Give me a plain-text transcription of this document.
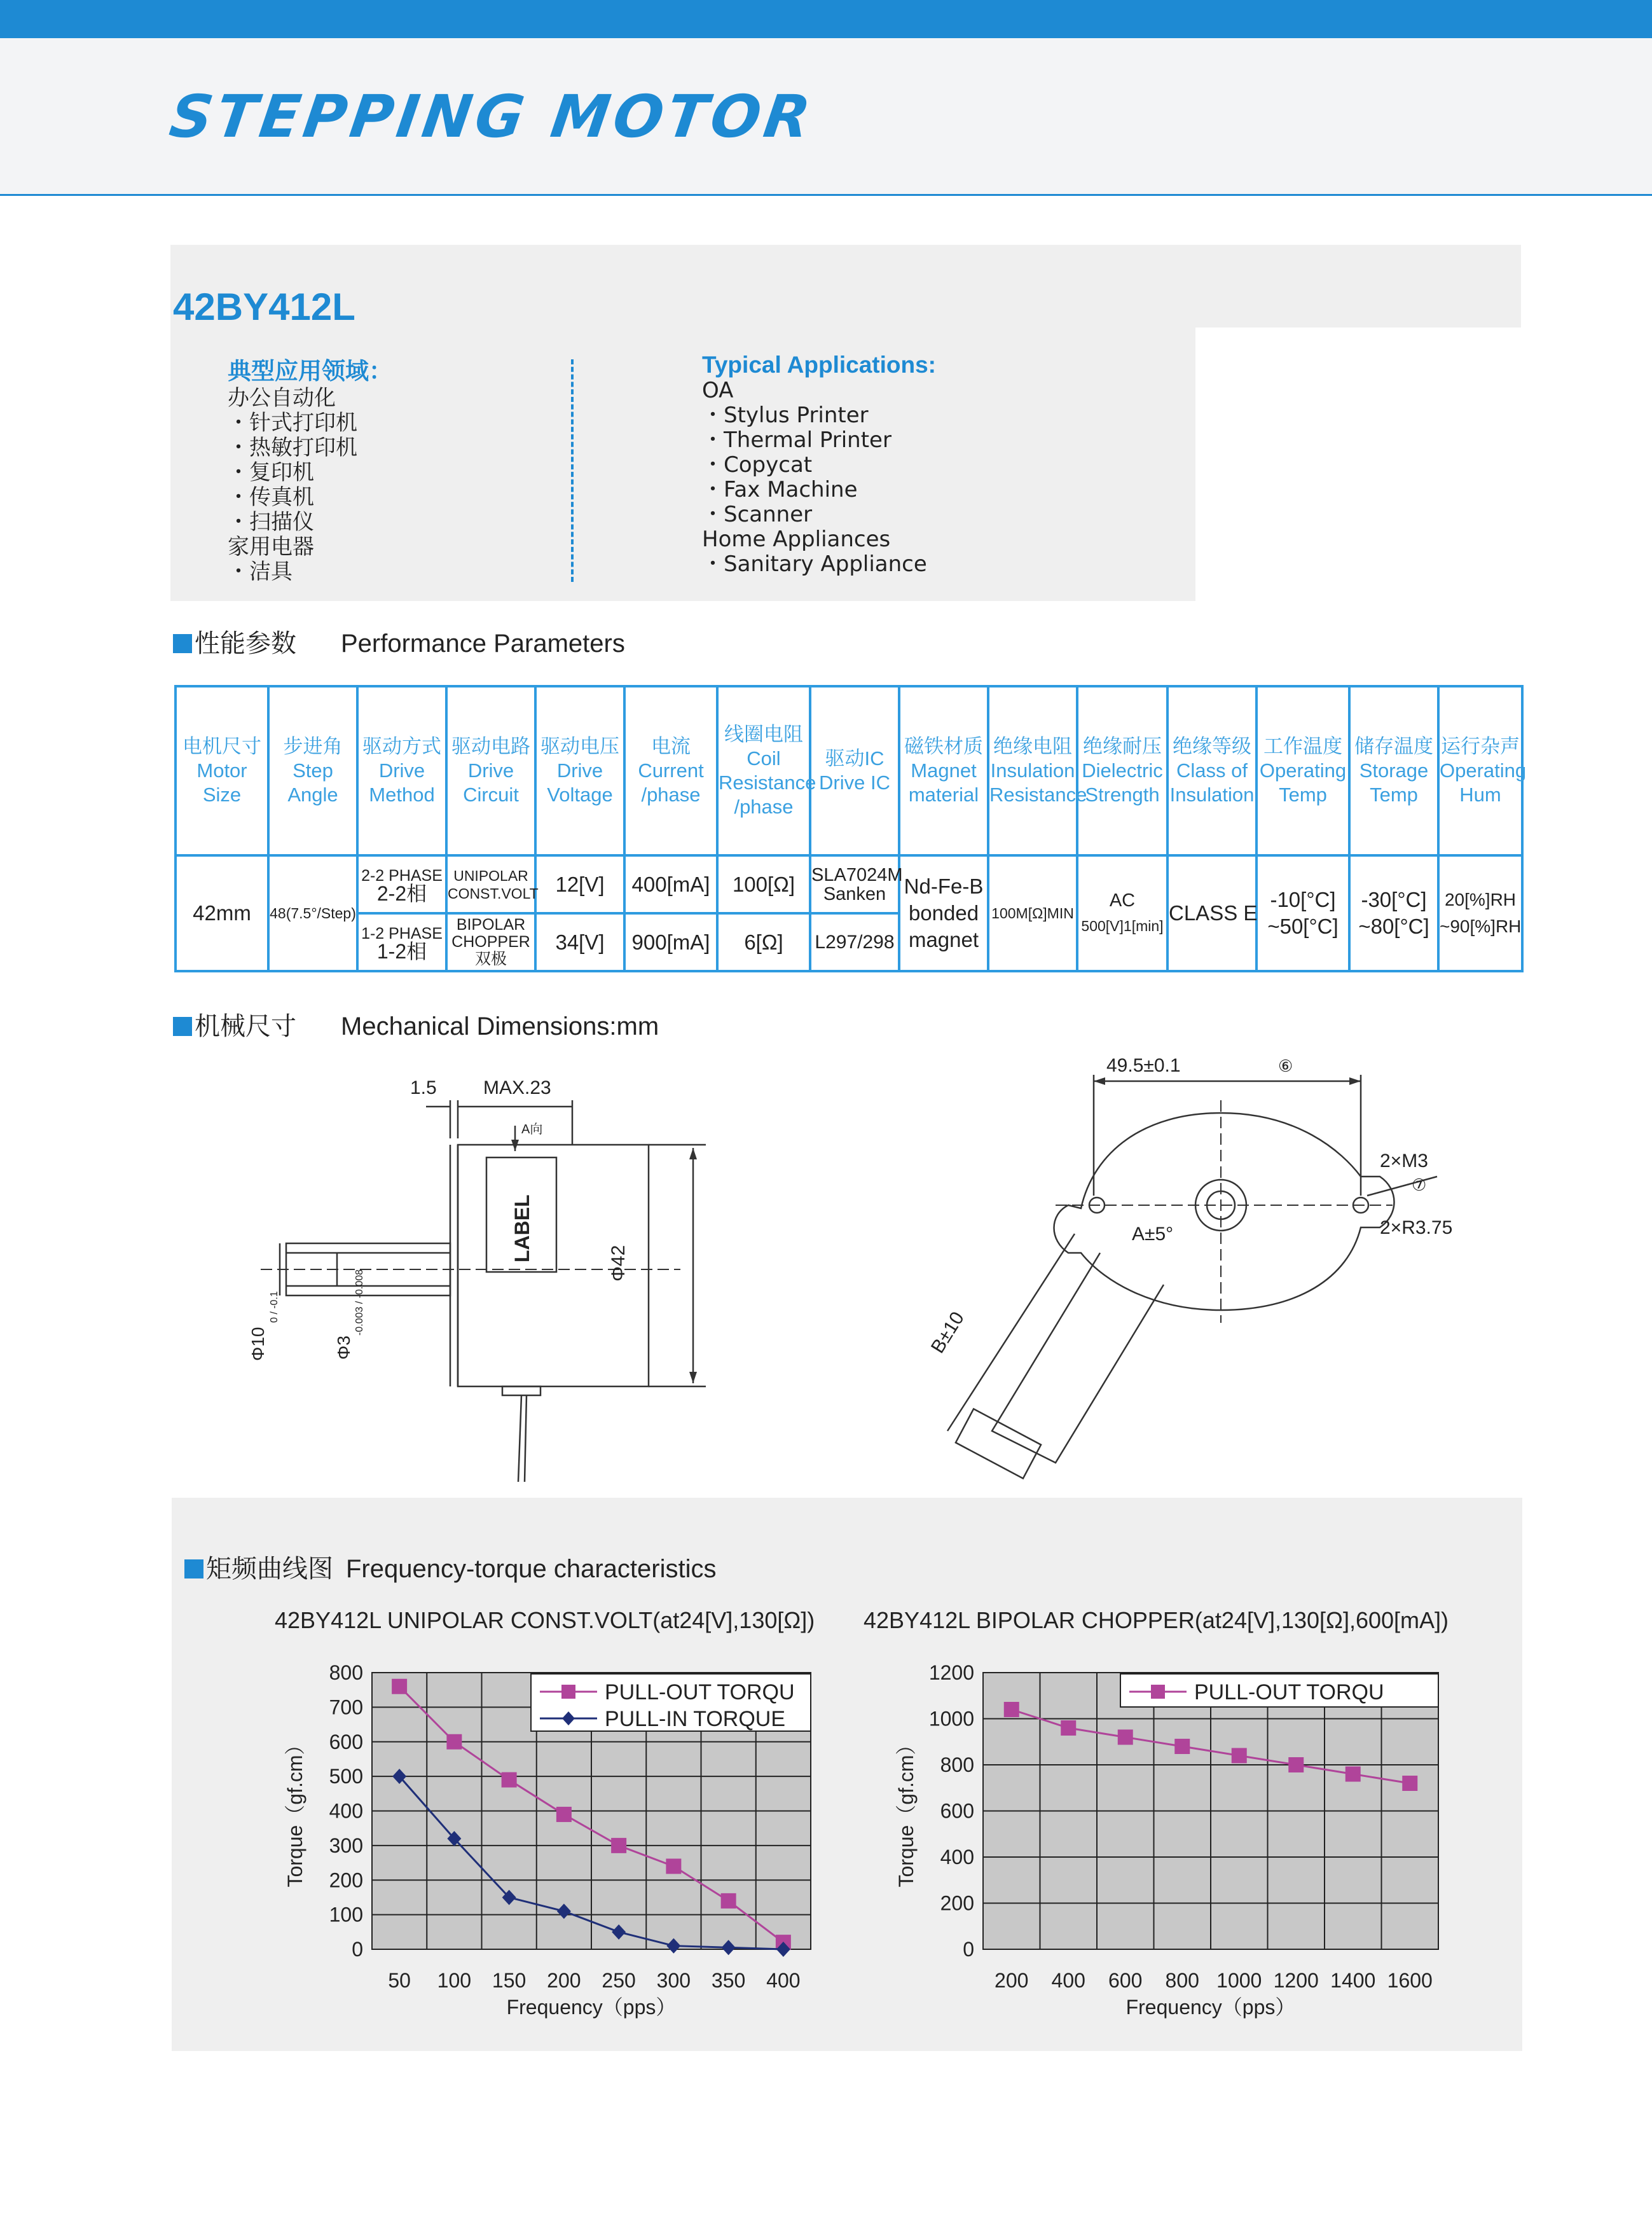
STEPPING MOTOR
42BY412L
典型应用领域：
办公自动化
・针式打印机
・热敏打印机
・复印机
・传真机
・扫描仪
家用电器
・洁具
Typical Applications:
OA
・Stylus Printer
・Thermal Printer
・Copycat
・Fax Machine
・Scanner
Home Appliances
・Sanitary Appliance
性能参数 Performance Parameters
电机尺寸
Motor
Size	步进角
Step
Angle	驱动方式
Drive
Method	驱动电路
Drive
Circuit	驱动电压
Drive
Voltage	电流
Current
/phase	线圈电阻
Coil
Resistance
/phase	驱动IC
Drive IC	磁铁材质
Magnet
material	绝缘电阻
Insulation
Resistance	绝缘耐压
Dielectric
Strength	绝缘等级
Class of
Insulation	工作温度
Operating
Temp	储存温度
Storage
Temp	运行杂声
Operating
Hum

42mm	48(7.5°/Step)	2-2 PHASE
2-2相	UNIPOLAR
CONST.VOLT	12[V]	400[mA]	100[Ω]	SLA7024M
Sanken	Nd-Fe-B
bonded
magnet	100M[Ω]MIN	AC
500[V]1[min]	CLASS E	-10[°C]
~50[°C]	-30[°C]
~80[°C]	20[%]RH
~90[%]RH

		1-2 PHASE
1-2相	BIPOLAR
CHOPPER
双极	34[V]	900[mA]	6[Ω]	L297/298							
机械尺寸 Mechanical Dimensions:mm
1.5 MAX.23
A向
LABEL
Φ42
Φ10
0 / -0.1
Φ3
-0.003 / -0.008
49.5±0.1	⑥
2×M3
⑦
2×R3.75
A±5°
B±10
矩频曲线图 Frequency-torque characteristics
42BY412L UNIPOLAR CONST.VOLT(at24[V],130[Ω]) 42BY412L BIPOLAR CHOPPER(at24[V],130[Ω],600[mA])
0
100
200
300
400
500
600
700
800
50 100 150 200 250 300 350 400
Frequency（pps）
Torque（gf.cm）
PULL-OUT TORQU
PULL-IN TORQUE
0
200
400
600
800
1000
1200
200 400 600 800 1000 1200 1400 1600
Frequency（pps）
Torque（gf.cm）
PULL-OUT TORQU
